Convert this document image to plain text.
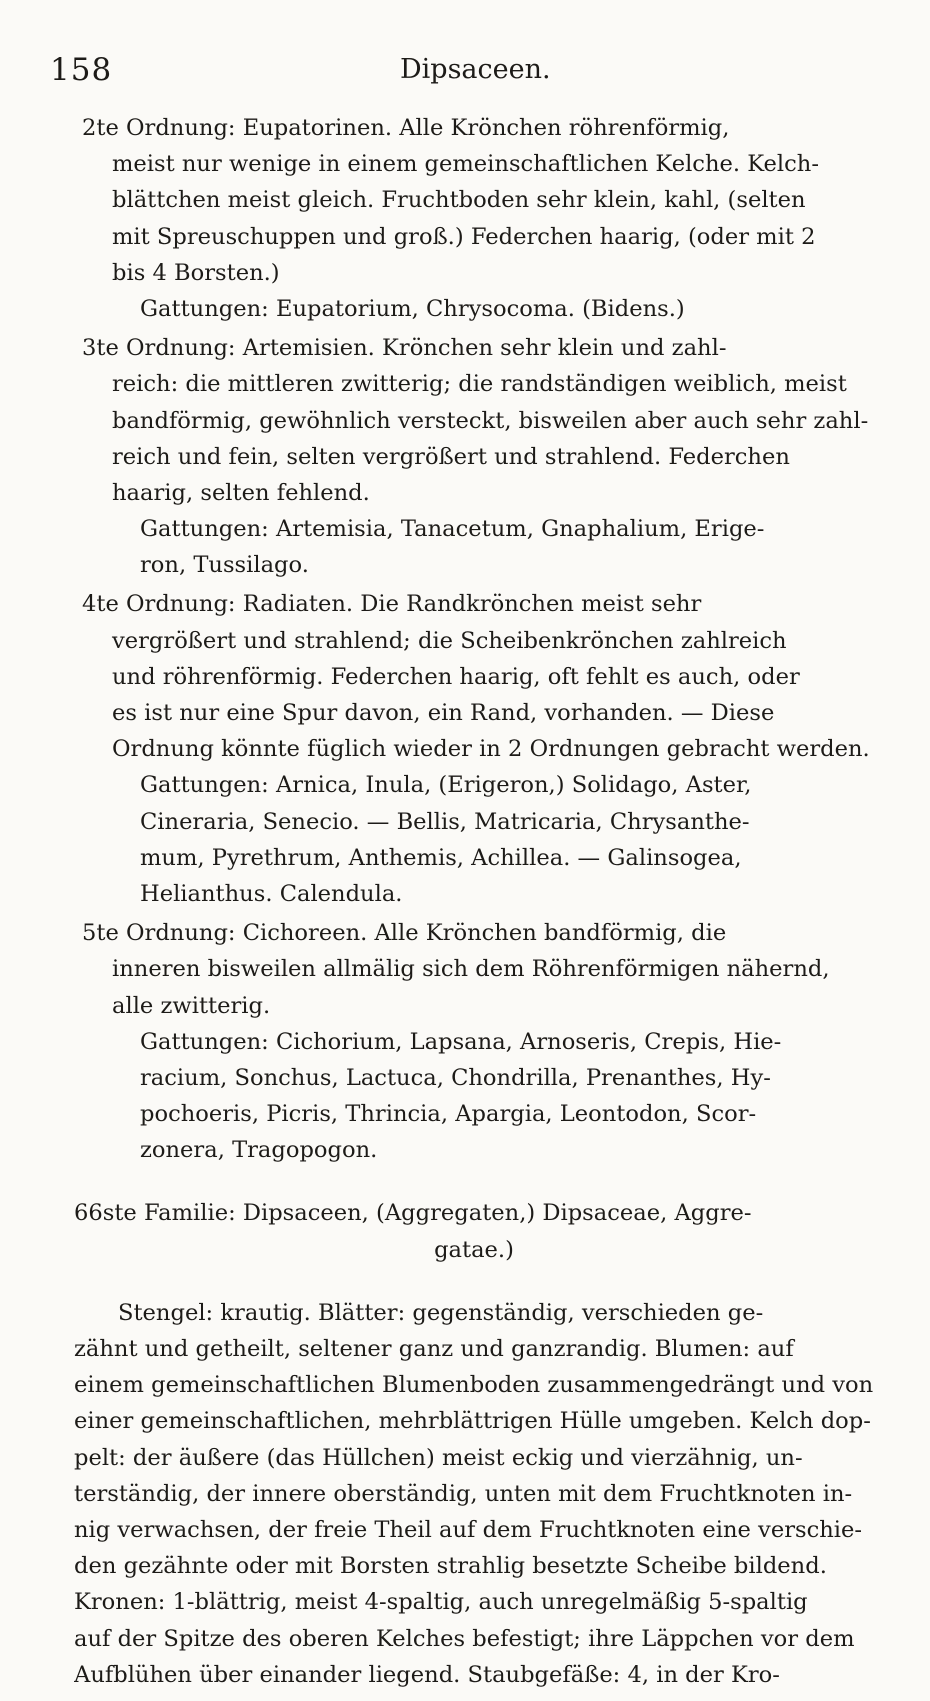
158	Dipsaceen.

2te Ordnung: Eupatorinen. Alle Krönchen röhrenförmig,

meist nur wenige in einem gemeinschaftlichen Kelche. Kelch-

blättchen meist gleich. Fruchtboden sehr klein, kahl, (selten

mit Spreuschuppen und groß.) Federchen haarig, (oder mit 2

bis 4 Borsten.)

Gattungen: Eupatorium, Chrysocoma. (Bidens.)

3te Ordnung: Artemisien. Krönchen sehr klein und zahl-

reich: die mittleren zwitterig; die randständigen weiblich, meist

bandförmig, gewöhnlich versteckt, bisweilen aber auch sehr zahl-

reich und fein, selten vergrößert und strahlend. Federchen

haarig, selten fehlend.

Gattungen: Artemisia, Tanacetum, Gnaphalium, Erige-

ron, Tussilago.

4te Ordnung: Radiaten. Die Randkrönchen meist sehr

vergrößert und strahlend; die Scheibenkrönchen zahlreich

und röhrenförmig. Federchen haarig, oft fehlt es auch, oder

es ist nur eine Spur davon, ein Rand, vorhanden. — Diese

Ordnung könnte füglich wieder in 2 Ordnungen gebracht werden.

Gattungen: Arnica, Inula, (Erigeron,) Solidago, Aster,

Cineraria, Senecio. — Bellis, Matricaria, Chrysanthe-

mum, Pyrethrum, Anthemis, Achillea. — Galinsogea,

Helianthus. Calendula.

5te Ordnung: Cichoreen. Alle Krönchen bandförmig, die

inneren bisweilen allmälig sich dem Röhrenförmigen nähernd,

alle zwitterig.

Gattungen: Cichorium, Lapsana, Arnoseris, Crepis, Hie-

racium, Sonchus, Lactuca, Chondrilla, Prenanthes, Hy-

pochoeris, Picris, Thrincia, Apargia, Leontodon, Scor-

zonera, Tragopogon.

66ste Familie: Dipsaceen, (Aggregaten,) Dipsaceae, Aggre-

gatae.)

Stengel: krautig. Blätter: gegenständig, verschieden ge-

zähnt und getheilt, seltener ganz und ganzrandig. Blumen: auf

einem gemeinschaftlichen Blumenboden zusammengedrängt und von

einer gemeinschaftlichen, mehrblättrigen Hülle umgeben. Kelch dop-

pelt: der äußere (das Hüllchen) meist eckig und vierzähnig, un-

terständig, der innere oberständig, unten mit dem Fruchtknoten in-

nig verwachsen, der freie Theil auf dem Fruchtknoten eine verschie-

den gezähnte oder mit Borsten strahlig besetzte Scheibe bildend.

Kronen: 1-blättrig, meist 4-spaltig, auch unregelmäßig 5-spaltig

auf der Spitze des oberen Kelches befestigt; ihre Läppchen vor dem

Aufblühen über einander liegend. Staubgefäße: 4, in der Kro-
